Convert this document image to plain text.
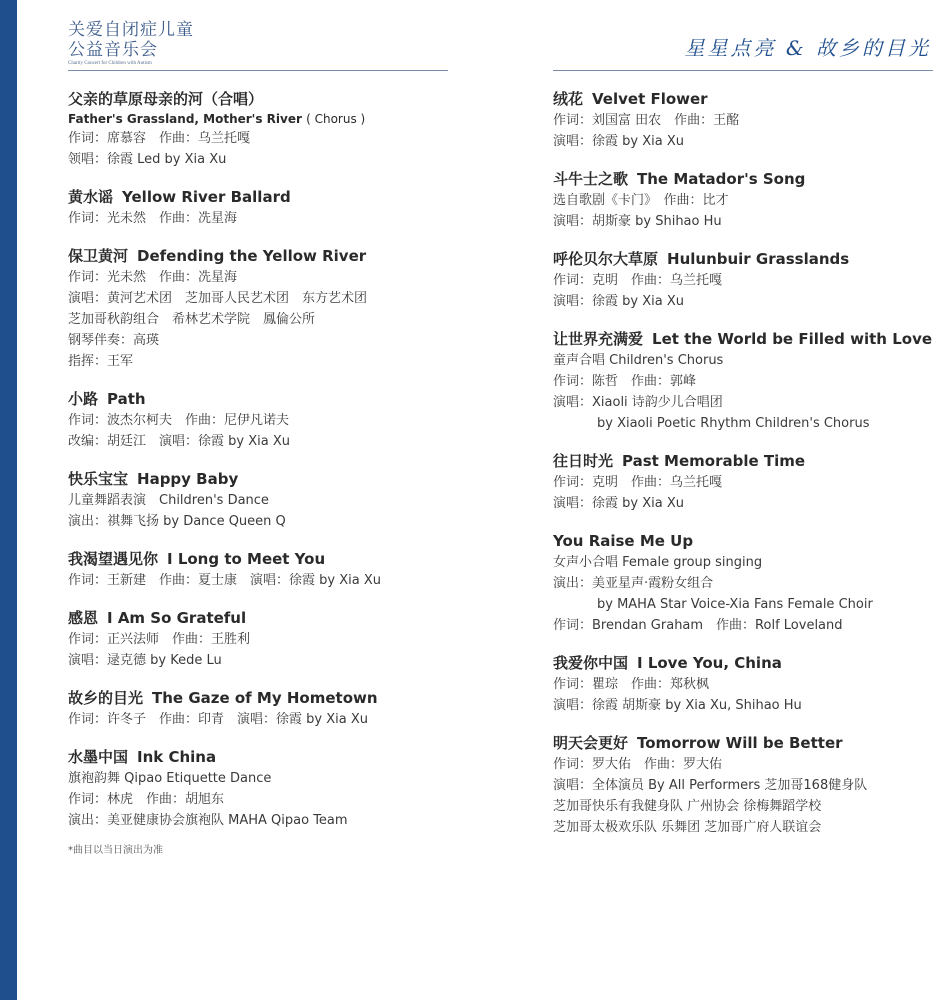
关爱自闭症儿童
公益音乐会
Charity Concert for Children with Autism
星星点亮 & 故乡的目光
父亲的草原母亲的河（合唱）
Father's Grassland, Mother's River ( Chorus )
作词：席慕容　作曲：乌兰托嘎
领唱：徐霞 Led by Xia Xu
黄水谣 Yellow River Ballard
作词：光未然　作曲：冼星海
保卫黄河 Defending the Yellow River
作词：光未然　作曲：冼星海
演唱：黄河艺术团　芝加哥人民艺术团　东方艺术团
芝加哥秋韵组合　希林艺术学院　鳳倫公所
钢琴伴奏：高瑛
指挥：王军
小路 Path
作词：波杰尔柯夫　作曲：尼伊凡诺夫
改编：胡廷江　演唱：徐霞 by Xia Xu
快乐宝宝 Happy Baby
儿童舞蹈表演　Children's Dance
演出：祺舞飞扬 by Dance Queen Q
我渴望遇见你 I Long to Meet You
作词：王新建　作曲：夏士康　演唱：徐霞 by Xia Xu
感恩 I Am So Grateful
作词：正兴法师　作曲：王胜利
演唱：逯克德 by Kede Lu
故乡的目光 The Gaze of My Hometown
作词：许冬子　作曲：印青　演唱：徐霞 by Xia Xu
水墨中国 Ink China
旗袍韵舞 Qipao Etiquette Dance
作词：林虎　作曲：胡旭东
演出：美亚健康协会旗袍队 MAHA Qipao Team
*曲目以当日演出为准
绒花 Velvet Flower
作词：刘国富 田农　作曲：王酩
演唱：徐霞 by Xia Xu
斗牛士之歌 The Matador's Song
选自歌剧《卡门》　作曲：比才
演唱：胡斯豪 by Shihao Hu
呼伦贝尔大草原 Hulunbuir Grasslands
作词：克明　作曲：乌兰托嘎
演唱：徐霞 by Xia Xu
让世界充满爱 Let the World be Filled with Love
童声合唱 Children's Chorus
作词：陈哲　作曲：郭峰
演唱：Xiaoli 诗韵少儿合唱团
by Xiaoli Poetic Rhythm Children's Chorus
往日时光 Past Memorable Time
作词：克明　作曲：乌兰托嘎
演唱：徐霞 by Xia Xu
You Raise Me Up
女声小合唱 Female group singing
演出：美亚星声·霞粉女组合
by MAHA Star Voice-Xia Fans Female Choir
作词：Brendan Graham　作曲：Rolf Loveland
我爱你中国 I Love You, China
作词：瞿琮　作曲：郑秋枫
演唱：徐霞 胡斯豪 by Xia Xu, Shihao Hu
明天会更好 Tomorrow Will be Better
作词：罗大佑　作曲：罗大佑
演唱：全体演员 By All Performers 芝加哥168健身队
芝加哥快乐有我健身队 广州协会 徐梅舞蹈学校
芝加哥太极欢乐队 乐舞团 芝加哥广府人联谊会
